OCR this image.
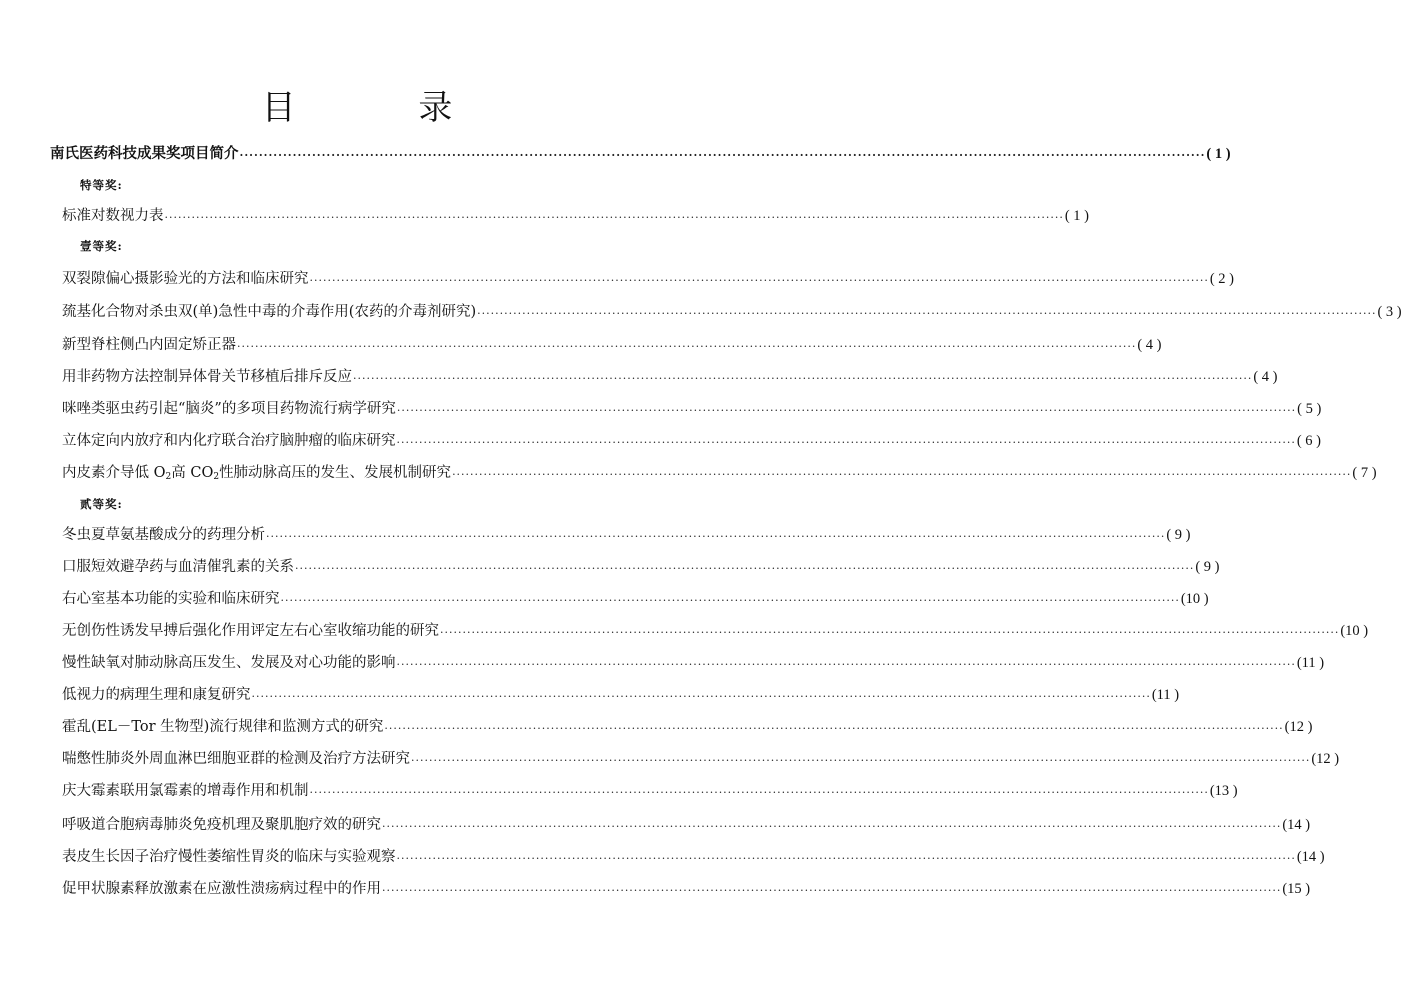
目 录
南氏医药科技成果奖项目简介 ········································································································································································································ ( 1 )
特等奖:
标准对数视力表 ········································································································································································································ ( 1 )
壹等奖:
双裂隙偏心摄影验光的方法和临床研究 ········································································································································································································ ( 2 )
巯基化合物对杀虫双(单)急性中毒的介毒作用(农药的介毒剂研究) ········································································································································································································ ( 3 )
新型脊柱侧凸内固定矫正器 ········································································································································································································ ( 4 )
用非药物方法控制异体骨关节移植后排斥反应 ········································································································································································································ ( 4 )
咪唑类驱虫药引起“脑炎”的多项目药物流行病学研究 ········································································································································································································ ( 5 )
立体定向内放疗和内化疗联合治疗脑肿瘤的临床研究 ········································································································································································································ ( 6 )
内皮素介导低 $O_2$高 $CO_2$性肺动脉高压的发生、发展机制研究 ········································································································································································································ ( 7 )
贰等奖:
冬虫夏草氨基酸成分的药理分析 ········································································································································································································ ( 9 )
口服短效避孕药与血清催乳素的关系 ········································································································································································································ ( 9 )
右心室基本功能的实验和临床研究 ········································································································································································································ (10 )
无创伤性诱发早搏后强化作用评定左右心室收缩功能的研究 ········································································································································································································ (10 )
慢性缺氧对肺动脉高压发生、发展及对心功能的影响 ········································································································································································································ (11 )
低视力的病理生理和康复研究 ········································································································································································································ (11 )
霍乱(EL－Tor 生物型)流行规律和监测方式的研究 ········································································································································································································ (12 )
喘憋性肺炎外周血淋巴细胞亚群的检测及治疗方法研究 ········································································································································································································ (12 )
庆大霉素联用氯霉素的增毒作用和机制 ········································································································································································································ (13 )
呼吸道合胞病毒肺炎免疫机理及聚肌胞疗效的研究 ········································································································································································································ (14 )
表皮生长因子治疗慢性萎缩性胃炎的临床与实验观察 ········································································································································································································ (14 )
促甲状腺素释放激素在应激性溃疡病过程中的作用 ········································································································································································································ (15 )
